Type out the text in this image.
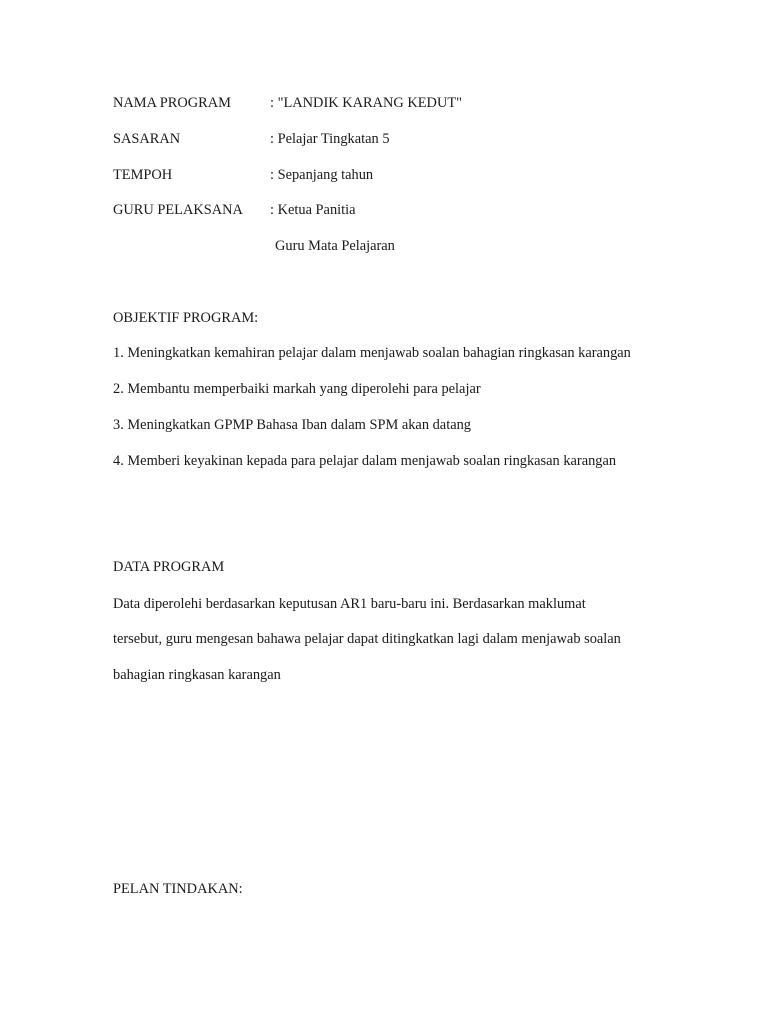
NAMA PROGRAM	: "LANDIK KARANG KEDUT"
SASARAN	: Pelajar Tingkatan 5
TEMPOH	: Sepanjang tahun
GURU PELAKSANA : Ketua Panitia
Guru Mata Pelajaran
OBJEKTIF PROGRAM:
1. Meningkatkan kemahiran pelajar dalam menjawab soalan bahagian ringkasan karangan
2. Membantu memperbaiki markah yang diperolehi para pelajar
3. Meningkatkan GPMP Bahasa Iban dalam SPM akan datang
4. Memberi keyakinan kepada para pelajar dalam menjawab soalan ringkasan karangan
DATA PROGRAM
Data diperolehi berdasarkan keputusan AR1 baru-baru ini. Berdasarkan maklumat
tersebut, guru mengesan bahawa pelajar dapat ditingkatkan lagi dalam menjawab soalan
bahagian ringkasan karangan
PELAN TINDAKAN:
